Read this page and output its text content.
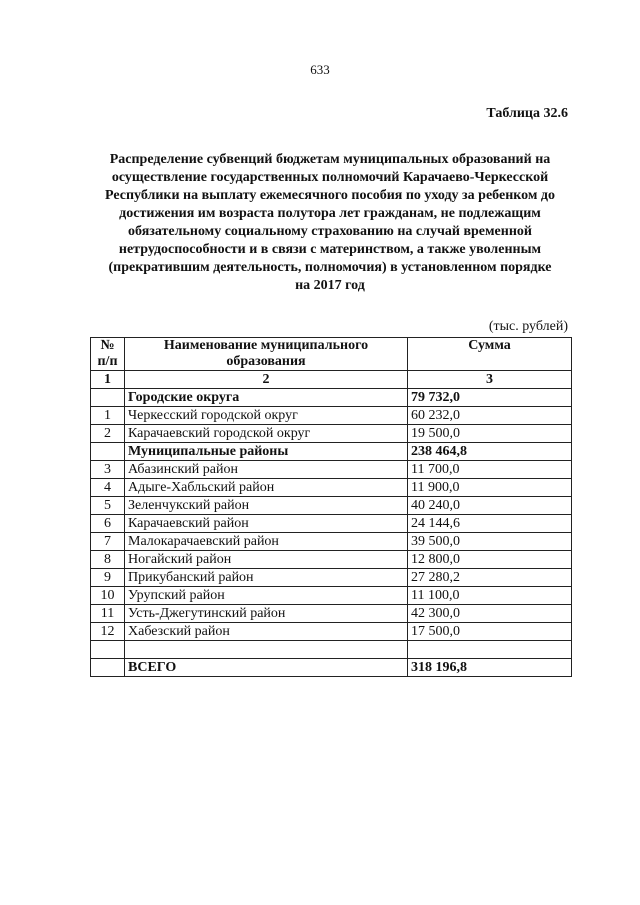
633
Таблица 32.6
Распределение субвенций бюджетам муниципальных образований на
осуществление государственных полномочий Карачаево-Черкесской
Республики на выплату ежемесячного пособия по уходу за ребенком до
достижения им возраста полутора лет гражданам, не подлежащим
обязательному социальному страхованию на случай временной
нетрудоспособности и в связи с материнством, а также уволенным
(прекратившим деятельность, полномочия) в установленном порядке
на 2017 год
(тыс. рублей)
№ п/п	Наименование муниципального образования	Сумма
1	2	3
	Городские округа	79 732,0
1	Черкесский городской округ	60 232,0
2	Карачаевский городской округ	19 500,0
	Муниципальные районы	238 464,8
3	Абазинский район	11 700,0
4	Адыге-Хабльский район	11 900,0
5	Зеленчукский район	40 240,0
6	Карачаевский район	24 144,6
7	Малокарачаевский район	39 500,0
8	Ногайский район	12 800,0
9	Прикубанский район	27 280,2
10	Урупский район	11 100,0
11	Усть-Джегутинский район	42 300,0
12	Хабезский район	17 500,0

	ВСЕГО	318 196,8
